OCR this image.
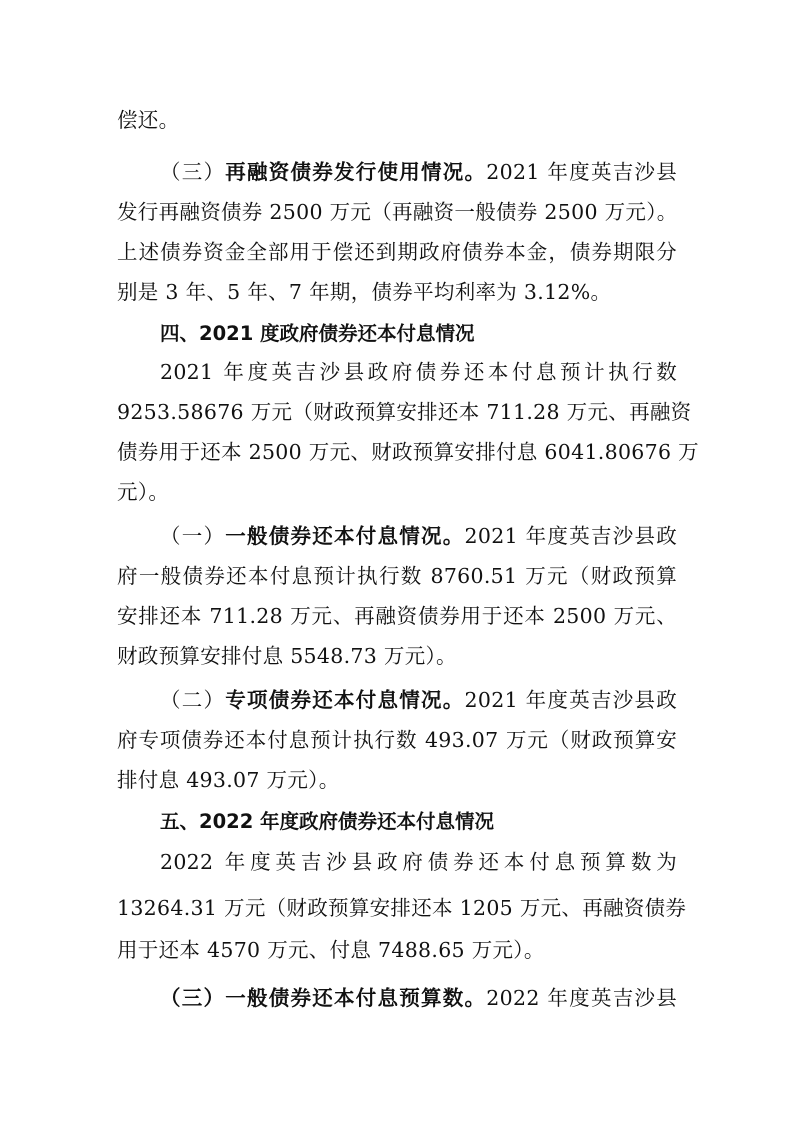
偿还。
（三）再融资债券发行使用情况。2021 年度英吉沙县
发行再融资债券 2500 万元（再融资一般债券 2500 万元）。
上述债券资金全部用于偿还到期政府债券本金，债券期限分
别是 3 年、5 年、7 年期，债券平均利率为 3.12%。
四、2021 度政府债券还本付息情况
2021 年度英吉沙县政府债券还本付息预计执行数
9253.58676 万元（财政预算安排还本 711.28 万元、再融资
债券用于还本 2500 万元、财政预算安排付息 6041.80676 万
元）。
（一）一般债券还本付息情况。2021 年度英吉沙县政
府一般债券还本付息预计执行数 8760.51 万元（财政预算
安排还本 711.28 万元、再融资债券用于还本 2500 万元、
财政预算安排付息 5548.73 万元）。
（二）专项债券还本付息情况。2021 年度英吉沙县政
府专项债券还本付息预计执行数 493.07 万元（财政预算安
排付息 493.07 万元）。
五、2022 年度政府债券还本付息情况
2022 年度英吉沙县政府债券还本付息预算数为
13264.31 万元（财政预算安排还本 1205 万元、再融资债券
用于还本 4570 万元、付息 7488.65 万元）。
（三）一般债券还本付息预算数。2022 年度英吉沙县
